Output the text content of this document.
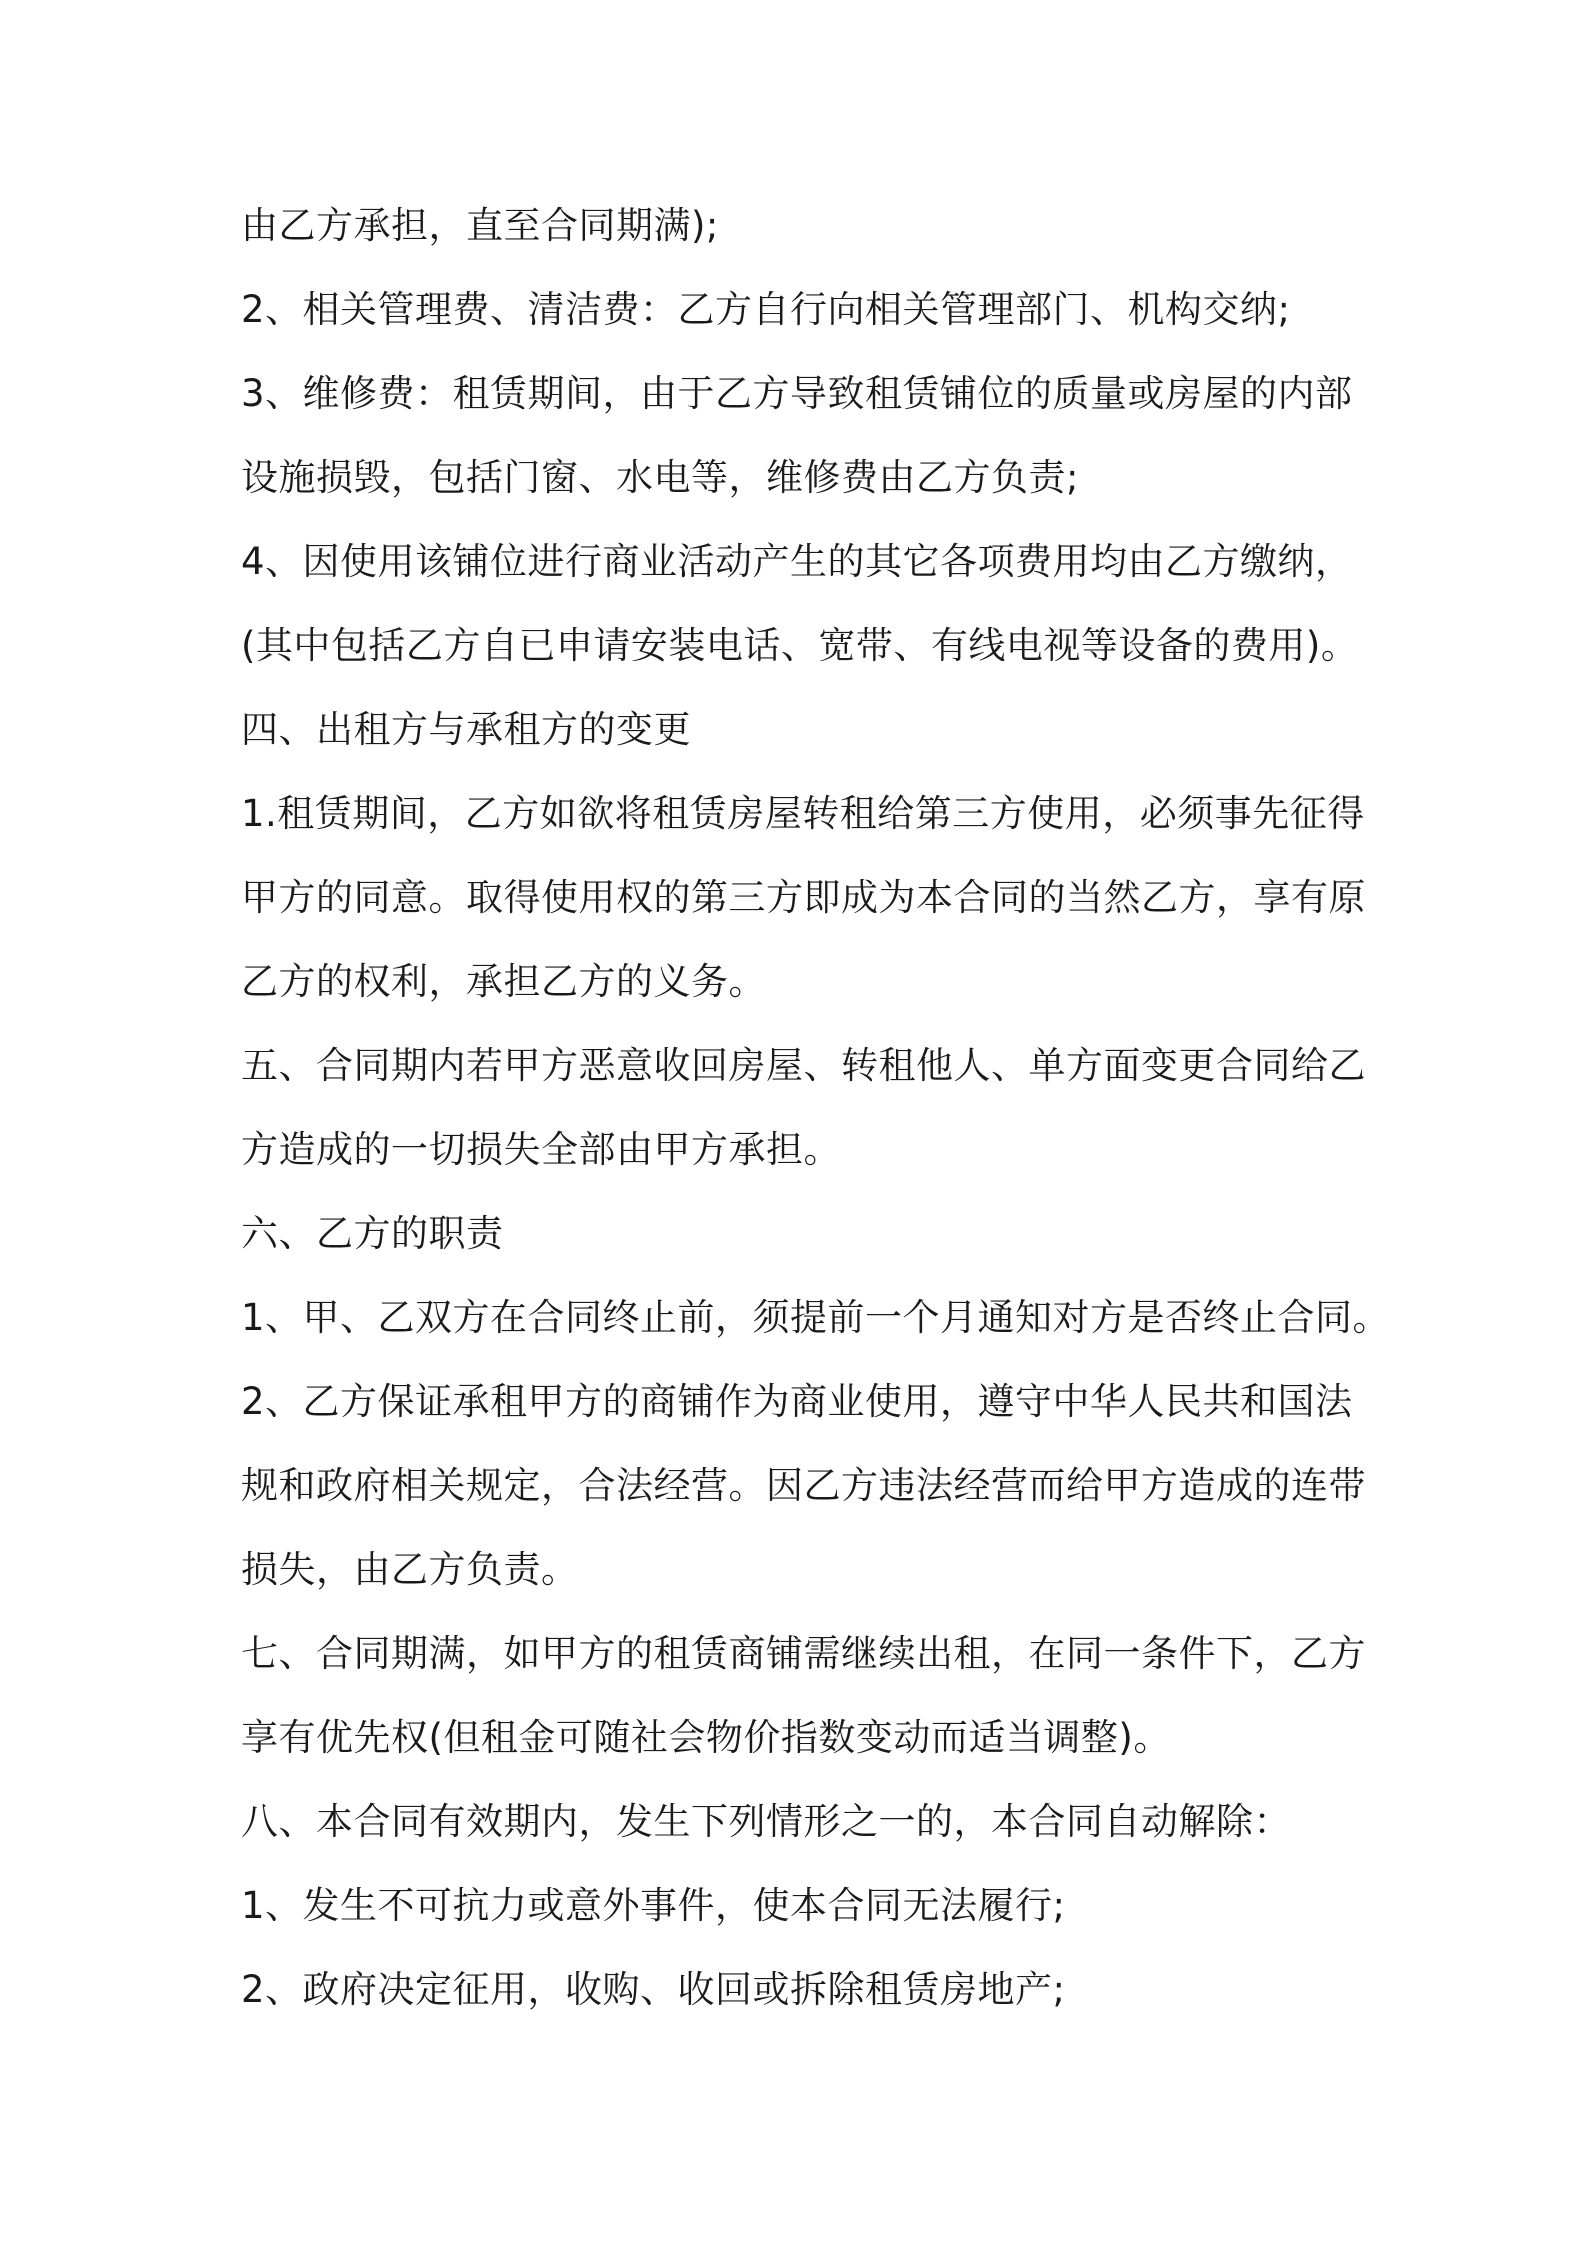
由乙方承担，直至合同期满);
2、相关管理费、清洁费：乙方自行向相关管理部门、机构交纳;
3、维修费：租赁期间，由于乙方导致租赁铺位的质量或房屋的内部
设施损毁，包括门窗、水电等，维修费由乙方负责;
4、因使用该铺位进行商业活动产生的其它各项费用均由乙方缴纳，
(其中包括乙方自已申请安装电话、宽带、有线电视等设备的费用)。
四、出租方与承租方的变更
1.租赁期间，乙方如欲将租赁房屋转租给第三方使用，必须事先征得
甲方的同意。取得使用权的第三方即成为本合同的当然乙方，享有原
乙方的权利，承担乙方的义务。
五、合同期内若甲方恶意收回房屋、转租他人、单方面变更合同给乙
方造成的一切损失全部由甲方承担。
六、乙方的职责
1、甲、乙双方在合同终止前，须提前一个月通知对方是否终止合同。
2、乙方保证承租甲方的商铺作为商业使用，遵守中华人民共和国法
规和政府相关规定，合法经营。因乙方违法经营而给甲方造成的连带
损失，由乙方负责。
七、合同期满，如甲方的租赁商铺需继续出租，在同一条件下，乙方
享有优先权(但租金可随社会物价指数变动而适当调整)。
八、本合同有效期内，发生下列情形之一的，本合同自动解除：
1、发生不可抗力或意外事件，使本合同无法履行;
2、政府决定征用，收购、收回或拆除租赁房地产;
